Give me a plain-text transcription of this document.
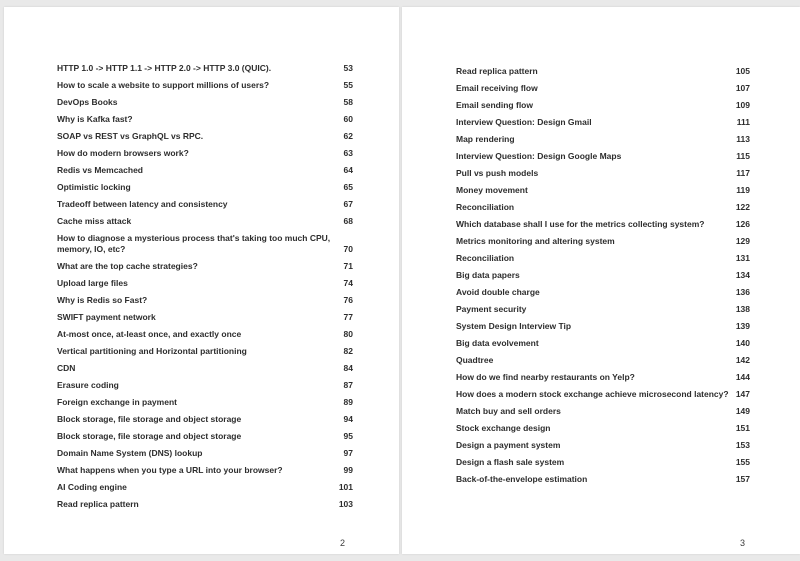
HTTP 1.0 -> HTTP 1.1 -> HTTP 2.0 -> HTTP 3.0 (QUIC).	53
How to scale a website to support millions of users?	55
DevOps Books	58
Why is Kafka fast?	60
SOAP vs REST vs GraphQL vs RPC.	62
How do modern browsers work?	63
Redis vs Memcached	64
Optimistic locking	65
Tradeoff between latency and consistency	67
Cache miss attack	68
How to diagnose a mysterious process that's taking too much CPU, memory, IO, etc?	70
What are the top cache strategies?	71
Upload large files	74
Why is Redis so Fast?	76
SWIFT payment network	77
At-most once, at-least once, and exactly once	80
Vertical partitioning and Horizontal partitioning	82
CDN	84
Erasure coding	87
Foreign exchange in payment	89
Block storage, file storage and object storage	94
Block storage, file storage and object storage	95
Domain Name System (DNS) lookup	97
What happens when you type a URL into your browser?	99
AI Coding engine	101
Read replica pattern	103
2
Read replica pattern	105
Email receiving flow	107
Email sending flow	109
Interview Question: Design Gmail	111
Map rendering	113
Interview Question: Design Google Maps	115
Pull vs push models	117
Money movement	119
Reconciliation	122
Which database shall I use for the metrics collecting system?	126
Metrics monitoring and altering system	129
Reconciliation	131
Big data papers	134
Avoid double charge	136
Payment security	138
System Design Interview Tip	139
Big data evolvement	140
Quadtree	142
How do we find nearby restaurants on Yelp?	144
How does a modern stock exchange achieve microsecond latency? 147
Match buy and sell orders	149
Stock exchange design	151
Design a payment system	153
Design a flash sale system	155
Back-of-the-envelope estimation	157
3
